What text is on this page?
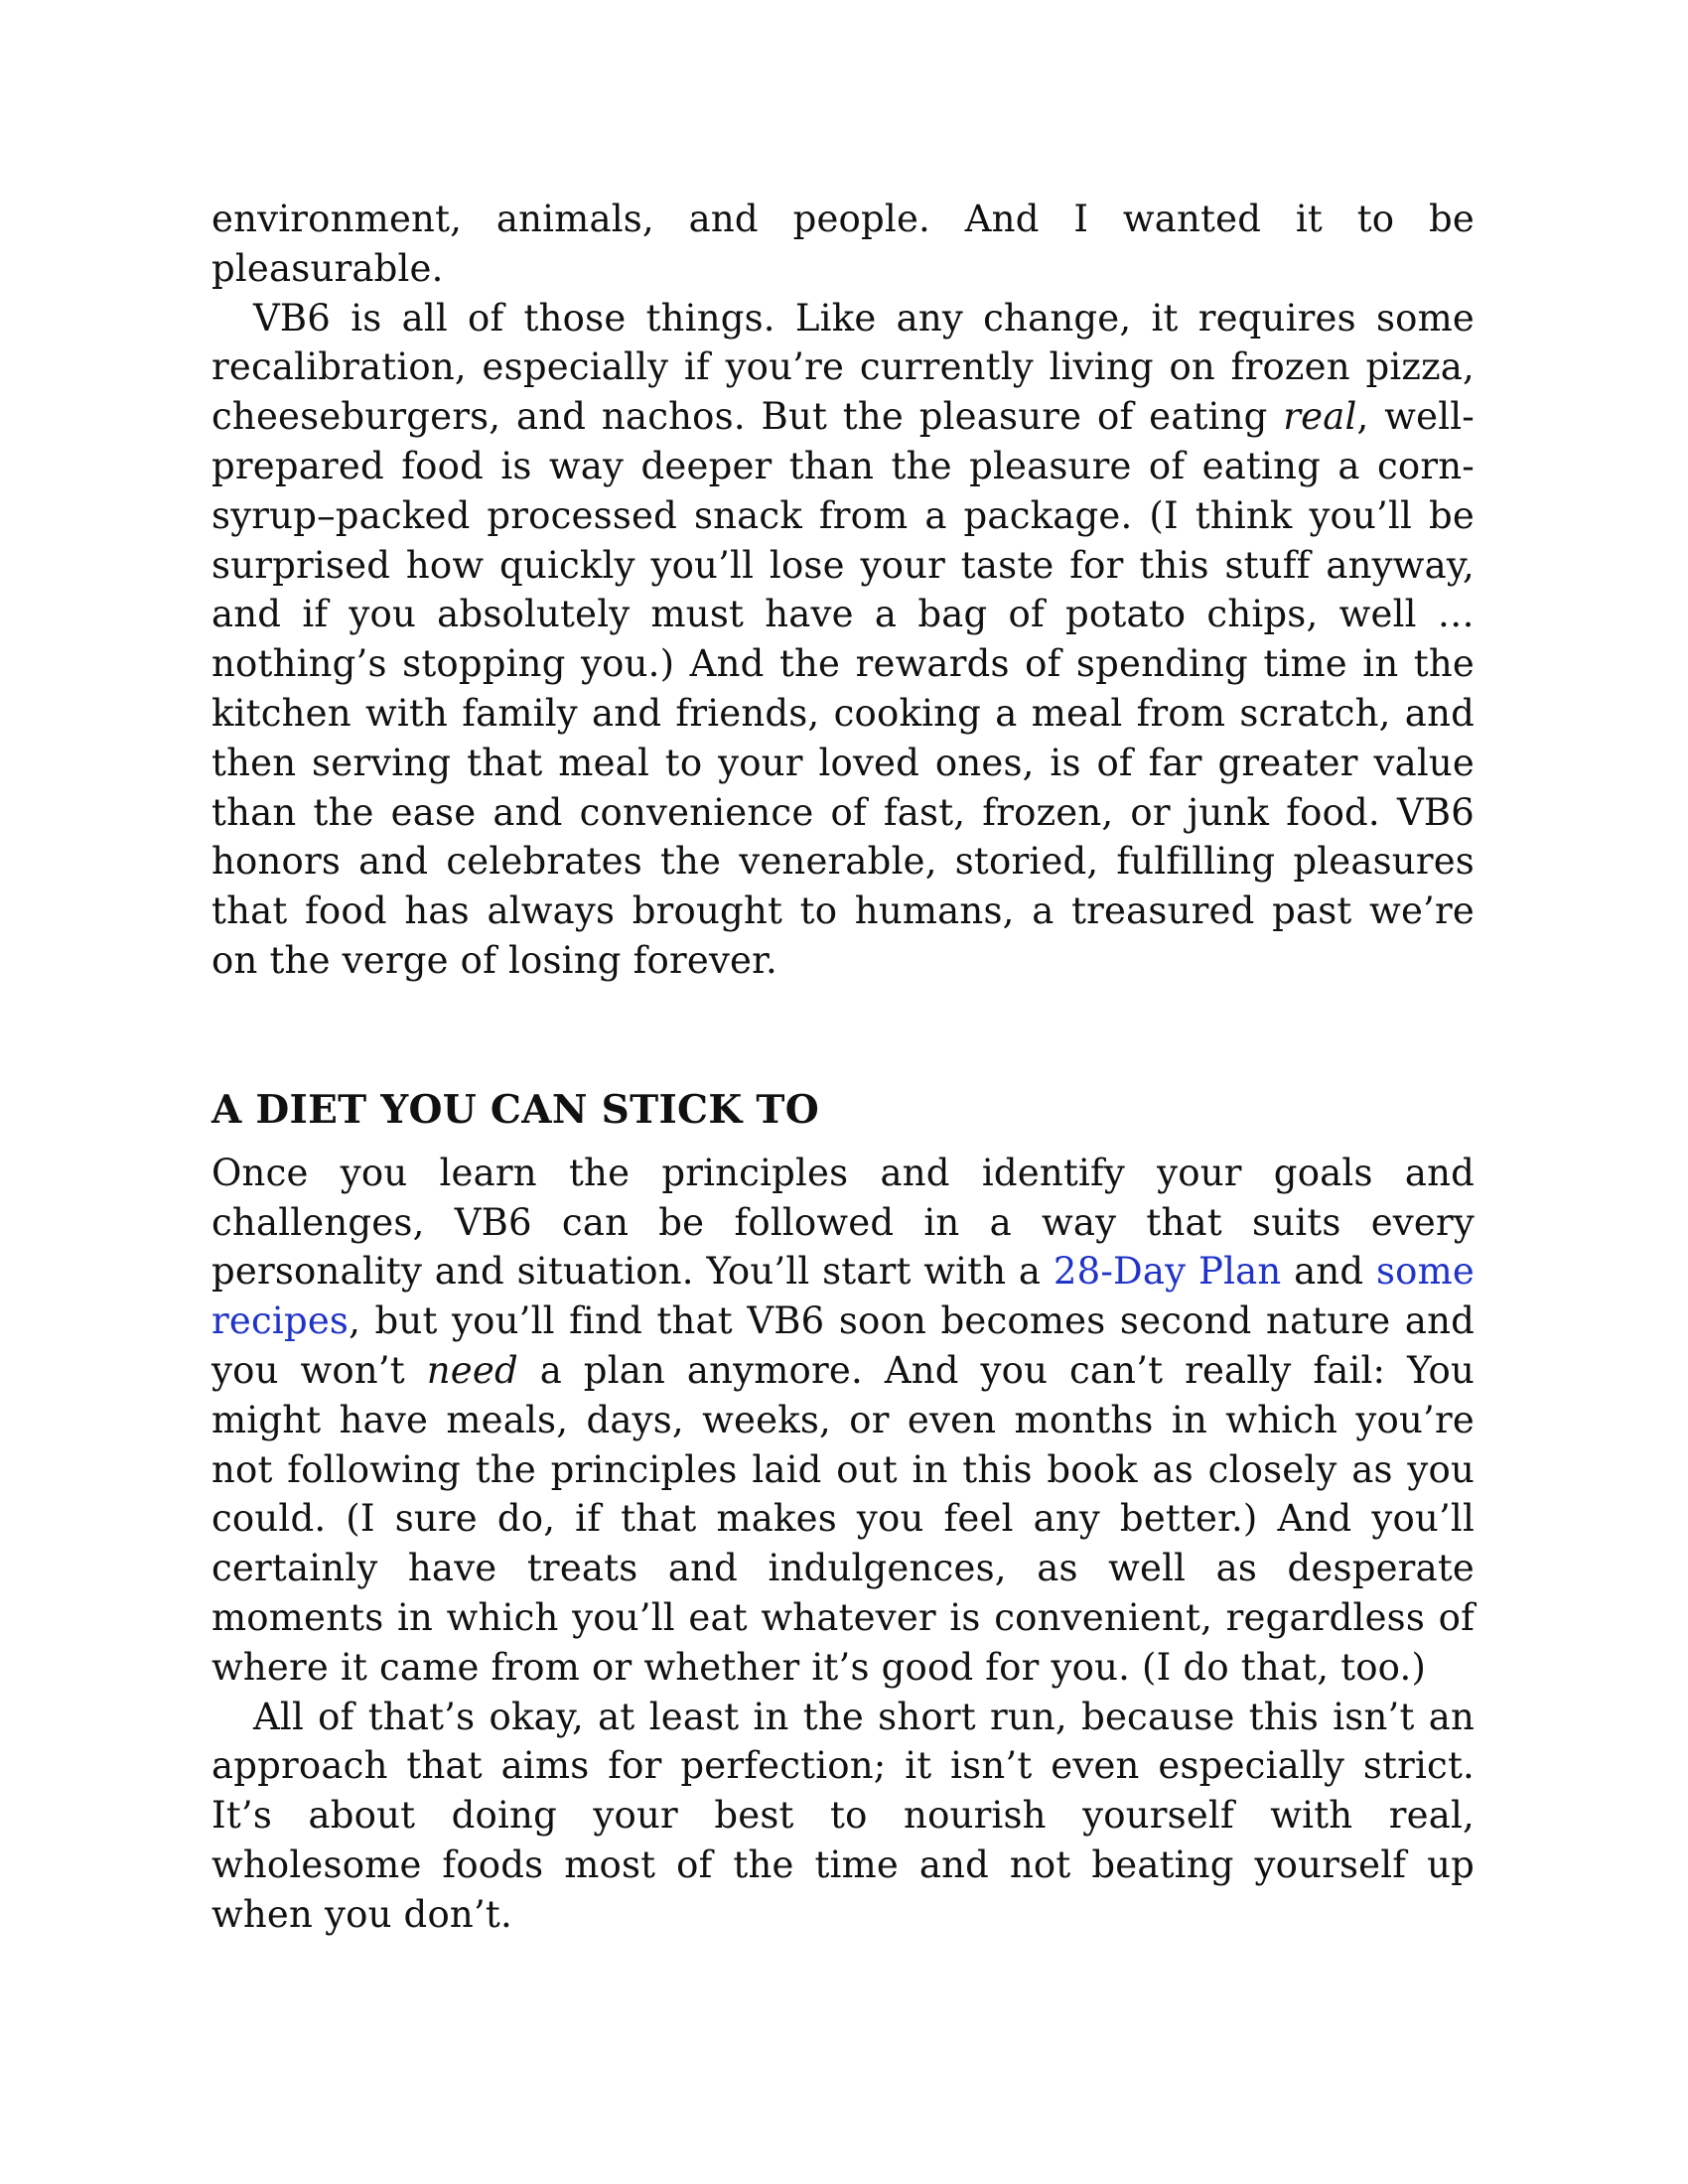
environment, animals, and people. And I wanted it to be pleasurable.

VB6 is all of those things. Like any change, it requires some recalibration, especially if you’re currently living on frozen pizza, cheeseburgers, and nachos. But the pleasure of eating real, well-prepared food is way deeper than the pleasure of eating a corn-syrup–packed processed snack from a package. (I think you’ll be surprised how quickly you’ll lose your taste for this stuff anyway, and if you absolutely must have a bag of potato chips, well … nothing’s stopping you.) And the rewards of spending time in the kitchen with family and friends, cooking a meal from scratch, and then serving that meal to your loved ones, is of far greater value than the ease and convenience of fast, frozen, or junk food. VB6 honors and celebrates the venerable, storied, fulfilling pleasures that food has always brought to humans, a treasured past we’re on the verge of losing forever.

A DIET YOU CAN STICK TO

Once you learn the principles and identify your goals and challenges, VB6 can be followed in a way that suits every personality and situation. You’ll start with a 28-Day Plan and some recipes, but you’ll find that VB6 soon becomes second nature and you won’t need a plan anymore. And you can’t really fail: You might have meals, days, weeks, or even months in which you’re not following the principles laid out in this book as closely as you could. (I sure do, if that makes you feel any better.) And you’ll certainly have treats and indulgences, as well as desperate moments in which you’ll eat whatever is convenient, regardless of where it came from or whether it’s good for you. (I do that, too.)

All of that’s okay, at least in the short run, because this isn’t an approach that aims for perfection; it isn’t even especially strict. It’s about doing your best to nourish yourself with real, wholesome foods most of the time and not beating yourself up when you don’t.
